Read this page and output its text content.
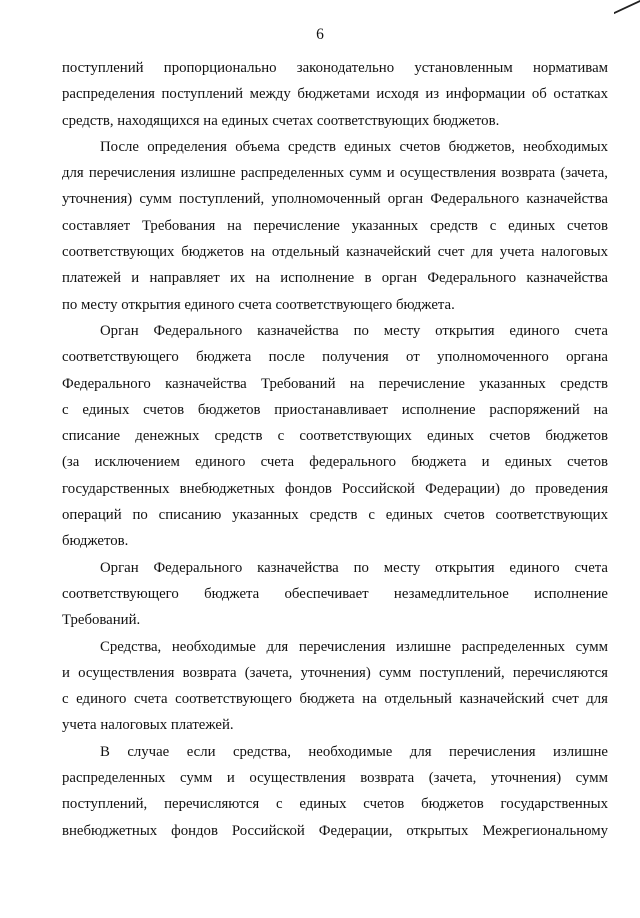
6
поступлений пропорционально законодательно установленным нормативам
распределения поступлений между бюджетами исходя из информации об остатках
средств, находящихся на единых счетах соответствующих бюджетов.
После определения объема средств единых счетов бюджетов, необходимых
для перечисления излишне распределенных сумм и осуществления возврата (зачета,
уточнения) сумм поступлений, уполномоченный орган Федерального казначейства
составляет Требования на перечисление указанных средств с единых счетов
соответствующих бюджетов на отдельный казначейский счет для учета налоговых
платежей и направляет их на исполнение в орган Федерального казначейства
по месту открытия единого счета соответствующего бюджета.
Орган Федерального казначейства по месту открытия единого счета
соответствующего бюджета после получения от уполномоченного органа
Федерального казначейства Требований на перечисление указанных средств
с единых счетов бюджетов приостанавливает исполнение распоряжений на
списание денежных средств с соответствующих единых счетов бюджетов
(за исключением единого счета федерального бюджета и единых счетов
государственных внебюджетных фондов Российской Федерации) до проведения
операций по списанию указанных средств с единых счетов соответствующих
бюджетов.
Орган Федерального казначейства по месту открытия единого счета
соответствующего бюджета обеспечивает незамедлительное исполнение
Требований.
Средства, необходимые для перечисления излишне распределенных сумм
и осуществления возврата (зачета, уточнения) сумм поступлений, перечисляются
с единого счета соответствующего бюджета на отдельный казначейский счет для
учета налоговых платежей.
В случае если средства, необходимые для перечисления излишне
распределенных сумм и осуществления возврата (зачета, уточнения) сумм
поступлений, перечисляются с единых счетов бюджетов государственных
внебюджетных фондов Российской Федерации, открытых Межрегиональному
